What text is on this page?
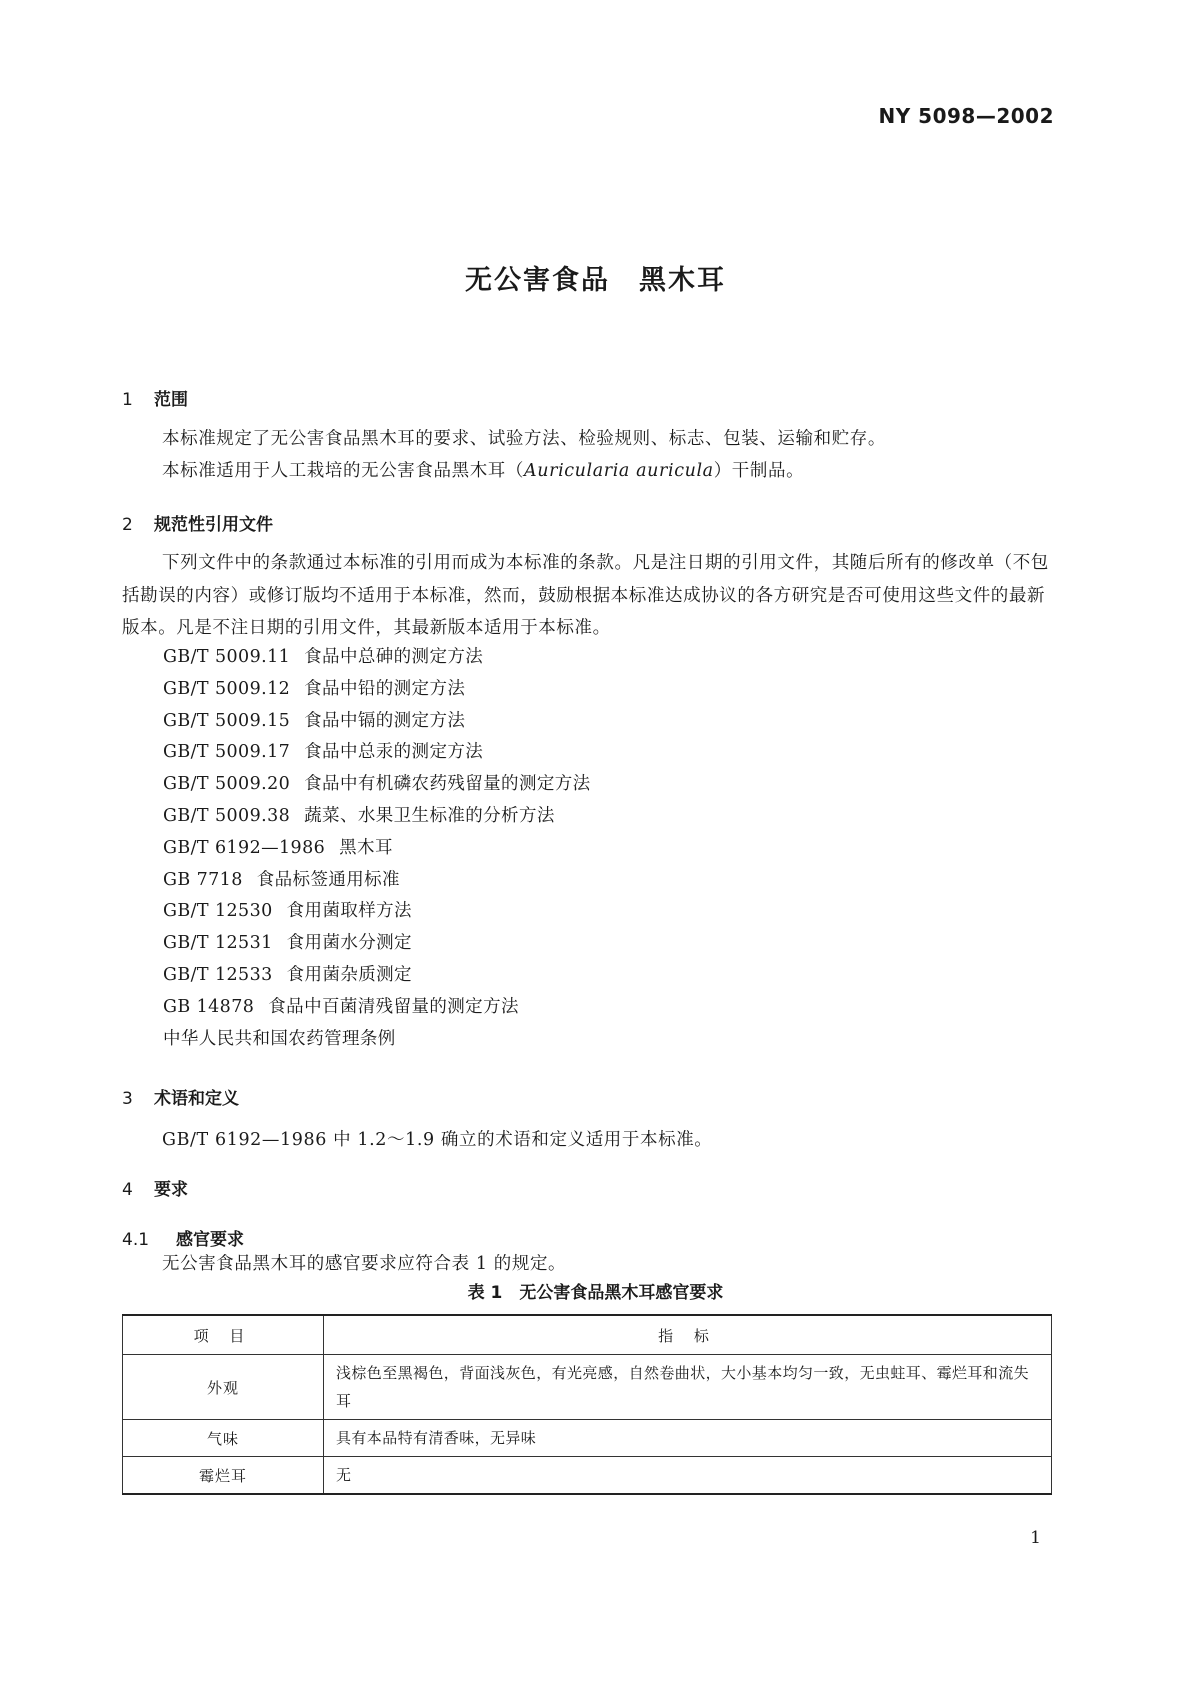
NY 5098—2002
无公害食品　黑木耳
1 范围
本标准规定了无公害食品黑木耳的要求、试验方法、检验规则、标志、包装、运输和贮存。
本标准适用于人工栽培的无公害食品黑木耳（Auricularia auricula）干制品。
2 规范性引用文件
下列文件中的条款通过本标准的引用而成为本标准的条款。凡是注日期的引用文件，其随后所有的修改单（不包括勘误的内容）或修订版均不适用于本标准，然而，鼓励根据本标准达成协议的各方研究是否可使用这些文件的最新版本。凡是不注日期的引用文件，其最新版本适用于本标准。
GB/T 5009.11 食品中总砷的测定方法
GB/T 5009.12 食品中铅的测定方法
GB/T 5009.15 食品中镉的测定方法
GB/T 5009.17 食品中总汞的测定方法
GB/T 5009.20 食品中有机磷农药残留量的测定方法
GB/T 5009.38 蔬菜、水果卫生标准的分析方法
GB/T 6192—1986 黑木耳
GB 7718 食品标签通用标准
GB/T 12530 食用菌取样方法
GB/T 12531 食用菌水分测定
GB/T 12533 食用菌杂质测定
GB 14878 食品中百菌清残留量的测定方法
中华人民共和国农药管理条例
3 术语和定义
GB/T 6192—1986 中 1.2～1.9 确立的术语和定义适用于本标准。
4 要求
4.1 感官要求
无公害食品黑木耳的感官要求应符合表 1 的规定。
表 1　无公害食品黑木耳感官要求
项 目	指 标
外观	浅棕色至黑褐色，背面浅灰色，有光亮感，自然卷曲状，大小基本均匀一致，无虫蛀耳、霉烂耳和流失耳
气味	具有本品特有清香味，无异味
霉烂耳	无
1
